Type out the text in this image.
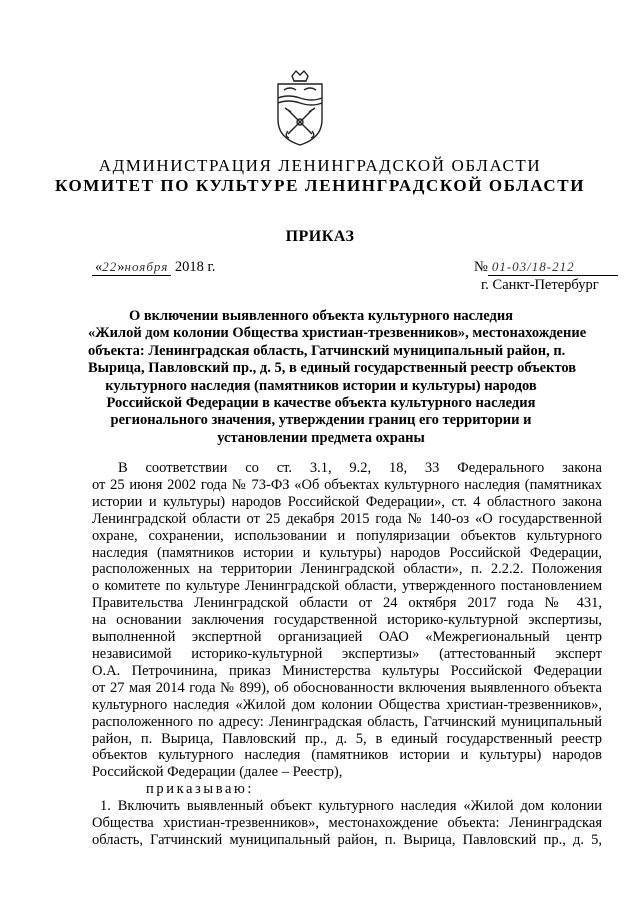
АДМИНИСТРАЦИЯ ЛЕНИНГРАДСКОЙ ОБЛАСТИ
КОМИТЕТ ПО КУЛЬТУРЕ ЛЕНИНГРАДСКОЙ ОБЛАСТИ
ПРИКАЗ
«22»ноября 2018 г.	№ 01-03/18-212
г. Санкт-Петербург
О включении выявленного объекта культурного наследия
«Жилой дом колонии Общества христиан-трезвенников», местонахождение
объекта: Ленинградская область, Гатчинский муниципальный район, п.
Вырица, Павловский пр., д. 5, в единый государственный реестр объектов
культурного наследия (памятников истории и культуры) народов
Российской Федерации в качестве объекта культурного наследия
регионального значения, утверждении границ его территории и
установлении предмета охраны
В соответствии со ст. 3.1, 9.2, 18, 33 Федерального закона
от 25 июня 2002 года № 73-ФЗ «Об объектах культурного наследия (памятниках
истории и культуры) народов Российской Федерации», ст. 4 областного закона
Ленинградской области от 25 декабря 2015 года № 140-оз «О государственной
охране, сохранении, использовании и популяризации объектов культурного
наследия (памятников истории и культуры) народов Российской Федерации,
расположенных на территории Ленинградской области», п. 2.2.2. Положения
о комитете по культуре Ленинградской области, утвержденного постановлением
Правительства Ленинградской области от 24 октября 2017 года № 431,
на основании заключения государственной историко-культурной экспертизы,
выполненной экспертной организацией ОАО «Межрегиональный центр
независимой историко-культурной экспертизы» (аттестованный эксперт
О.А. Петрочинина, приказ Министерства культуры Российской Федерации
от 27 мая 2014 года № 899), об обоснованности включения выявленного объекта
культурного наследия «Жилой дом колонии Общества христиан-трезвенников»,
расположенного по адресу: Ленинградская область, Гатчинский муниципальный
район, п. Вырица, Павловский пр., д. 5, в единый государственный реестр
объектов культурного наследия (памятников истории и культуры) народов
Российской Федерации (далее – Реестр),
приказываю:
1. Включить выявленный объект культурного наследия «Жилой дом колонии
Общества христиан-трезвенников», местонахождение объекта: Ленинградская
область, Гатчинский муниципальный район, п. Вырица, Павловский пр., д. 5,
